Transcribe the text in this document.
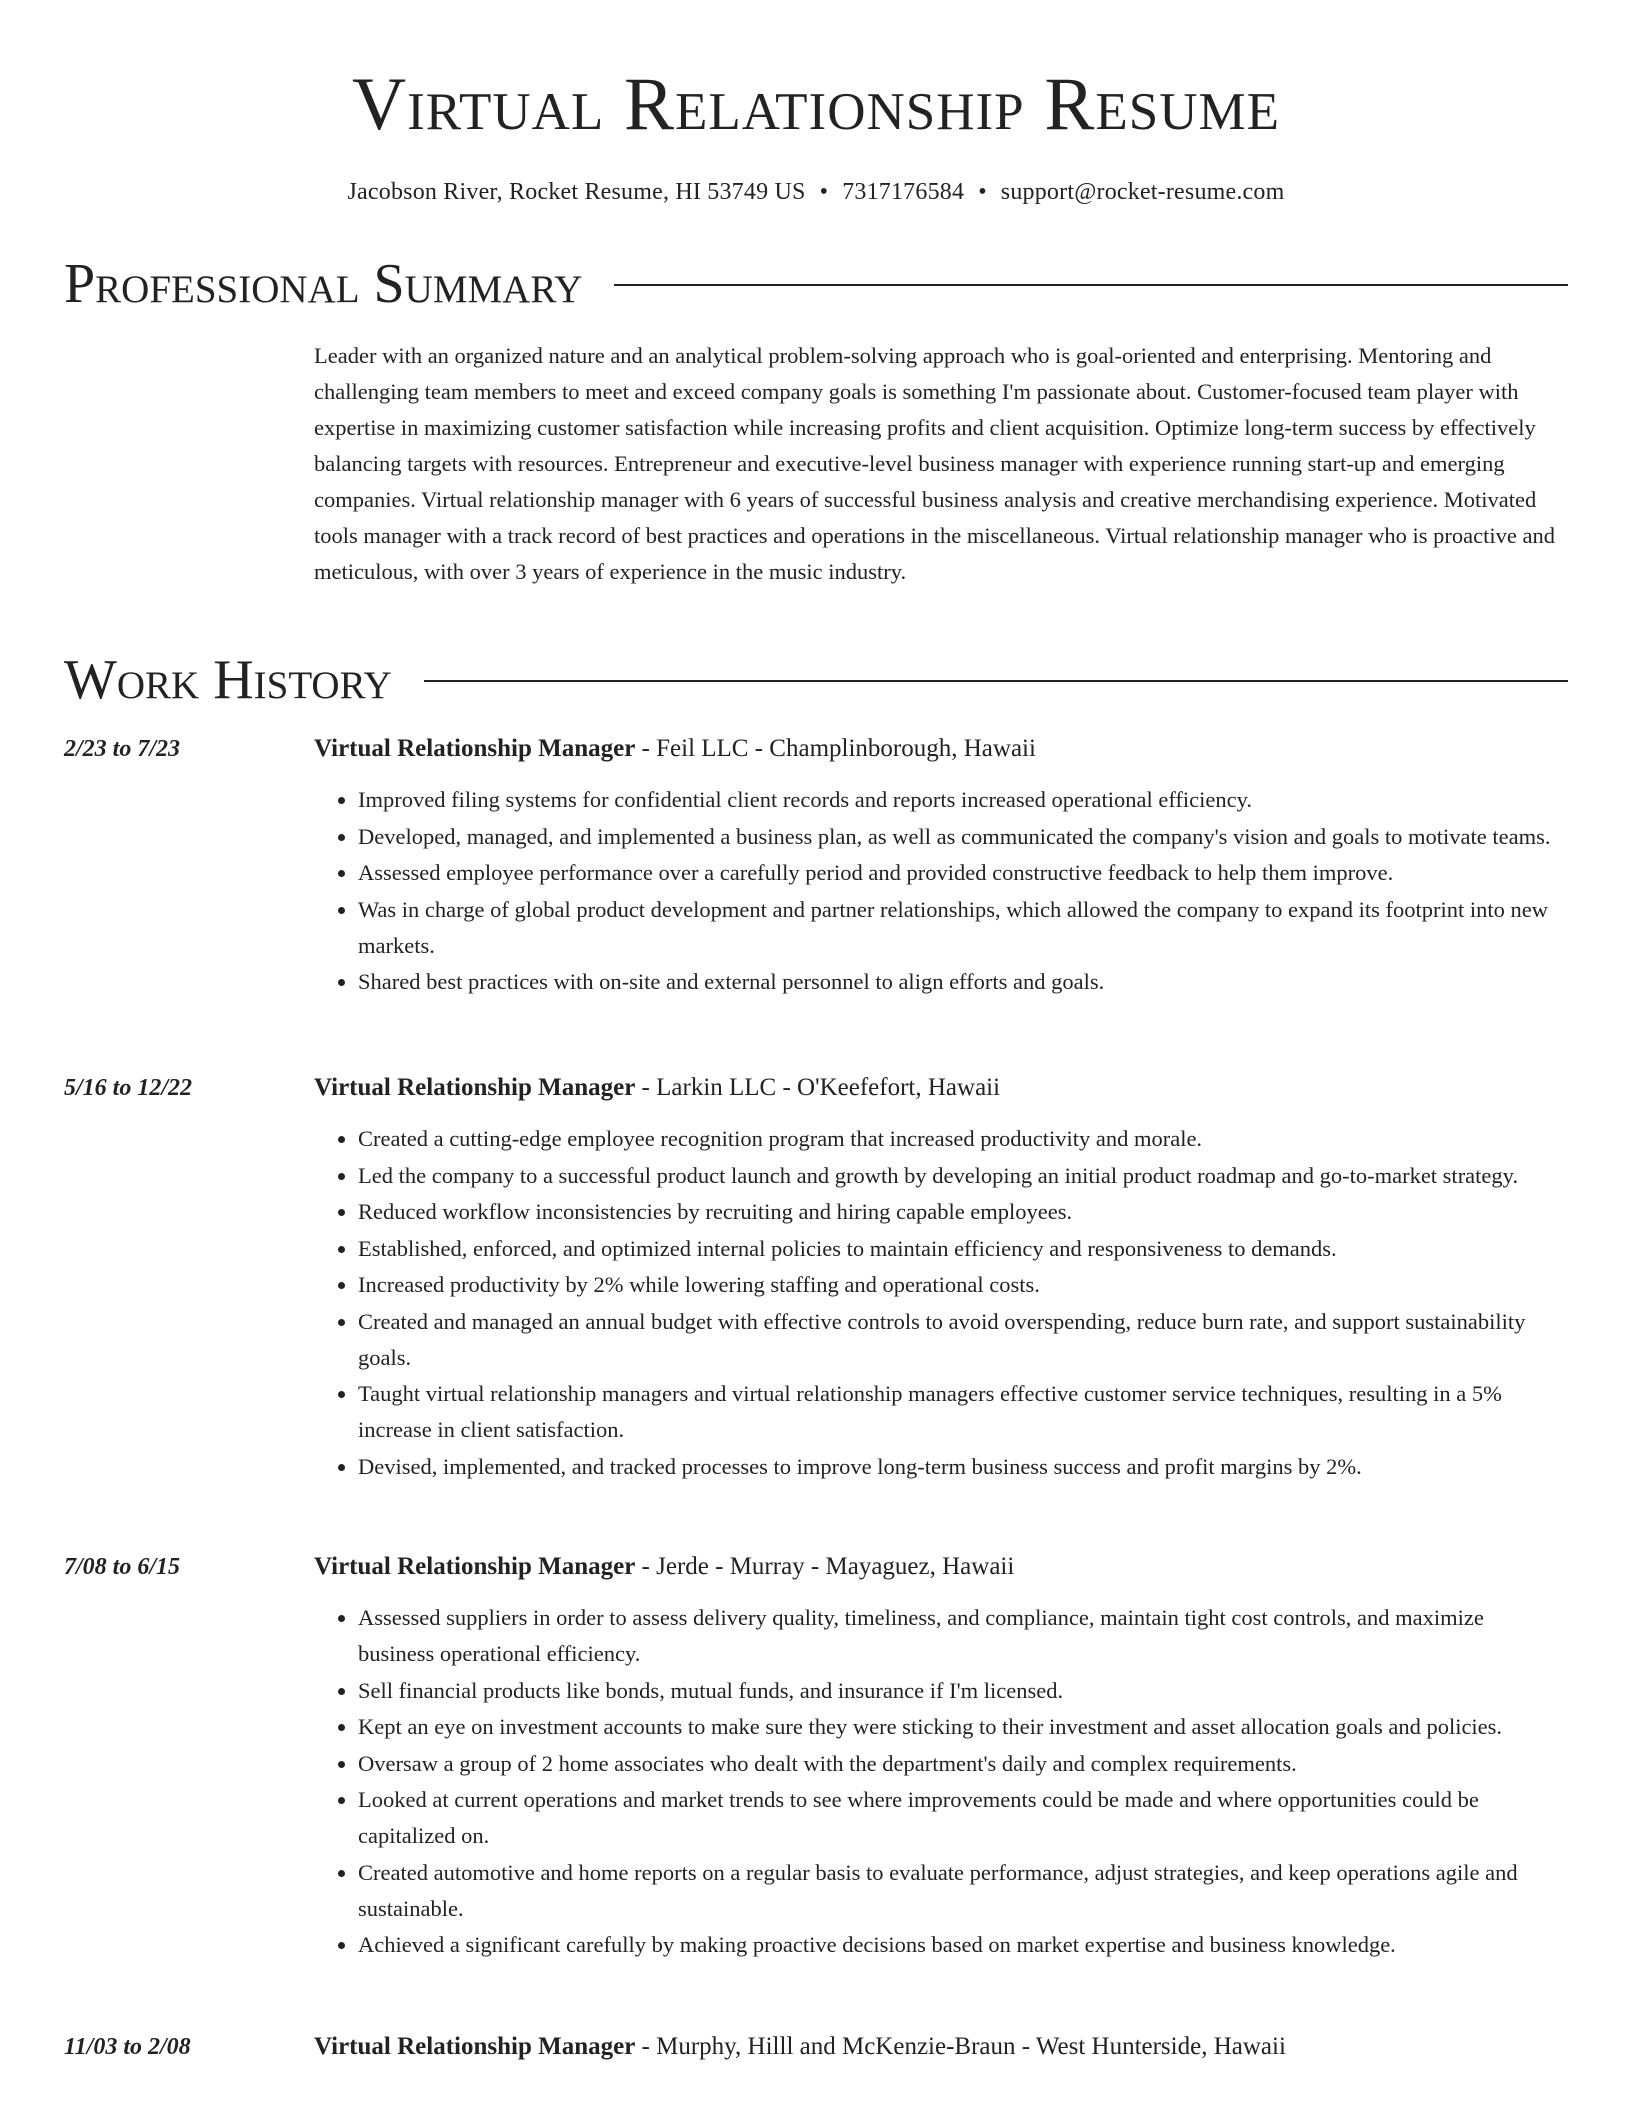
Virtual Relationship Resume
Jacobson River, Rocket Resume, HI 53749 US • 7317176584 • support@rocket-resume.com
Professional Summary

Leader with an organized nature and an analytical problem-solving approach who is goal-oriented and enterprising. Mentoring and challenging team members to meet and exceed company goals is something I'm passionate about. Customer-focused team player with expertise in maximizing customer satisfaction while increasing profits and client acquisition. Optimize long-term success by effectively balancing targets with resources. Entrepreneur and executive-level business manager with experience running start-up and emerging companies. Virtual relationship manager with 6 years of successful business analysis and creative merchandising experience. Motivated tools manager with a track record of best practices and operations in the miscellaneous. Virtual relationship manager who is proactive and meticulous, with over 3 years of experience in the music industry.

Work History
2/23 to 7/23	Virtual Relationship Manager - Feil LLC - Champlinborough, Hawaii
• Improved filing systems for confidential client records and reports increased operational efficiency.
• Developed, managed, and implemented a business plan, as well as communicated the company's vision and goals to motivate teams.
• Assessed employee performance over a carefully period and provided constructive feedback to help them improve.
• Was in charge of global product development and partner relationships, which allowed the company to expand its footprint into new markets.
• Shared best practices with on-site and external personnel to align efforts and goals.
5/16 to 12/22	Virtual Relationship Manager - Larkin LLC - O'Keefefort, Hawaii
• Created a cutting-edge employee recognition program that increased productivity and morale.
• Led the company to a successful product launch and growth by developing an initial product roadmap and go-to-market strategy.
• Reduced workflow inconsistencies by recruiting and hiring capable employees.
• Established, enforced, and optimized internal policies to maintain efficiency and responsiveness to demands.
• Increased productivity by 2% while lowering staffing and operational costs.
• Created and managed an annual budget with effective controls to avoid overspending, reduce burn rate, and support sustainability goals.
• Taught virtual relationship managers and virtual relationship managers effective customer service techniques, resulting in a 5% increase in client satisfaction.
• Devised, implemented, and tracked processes to improve long-term business success and profit margins by 2%.
7/08 to 6/15	Virtual Relationship Manager - Jerde - Murray - Mayaguez, Hawaii
• Assessed suppliers in order to assess delivery quality, timeliness, and compliance, maintain tight cost controls, and maximize business operational efficiency.
• Sell financial products like bonds, mutual funds, and insurance if I'm licensed.
• Kept an eye on investment accounts to make sure they were sticking to their investment and asset allocation goals and policies.
• Oversaw a group of 2 home associates who dealt with the department's daily and complex requirements.
• Looked at current operations and market trends to see where improvements could be made and where opportunities could be capitalized on.
• Created automotive and home reports on a regular basis to evaluate performance, adjust strategies, and keep operations agile and sustainable.
• Achieved a significant carefully by making proactive decisions based on market expertise and business knowledge.
11/03 to 2/08	Virtual Relationship Manager - Murphy, Hilll and McKenzie-Braun - West Hunterside, Hawaii
